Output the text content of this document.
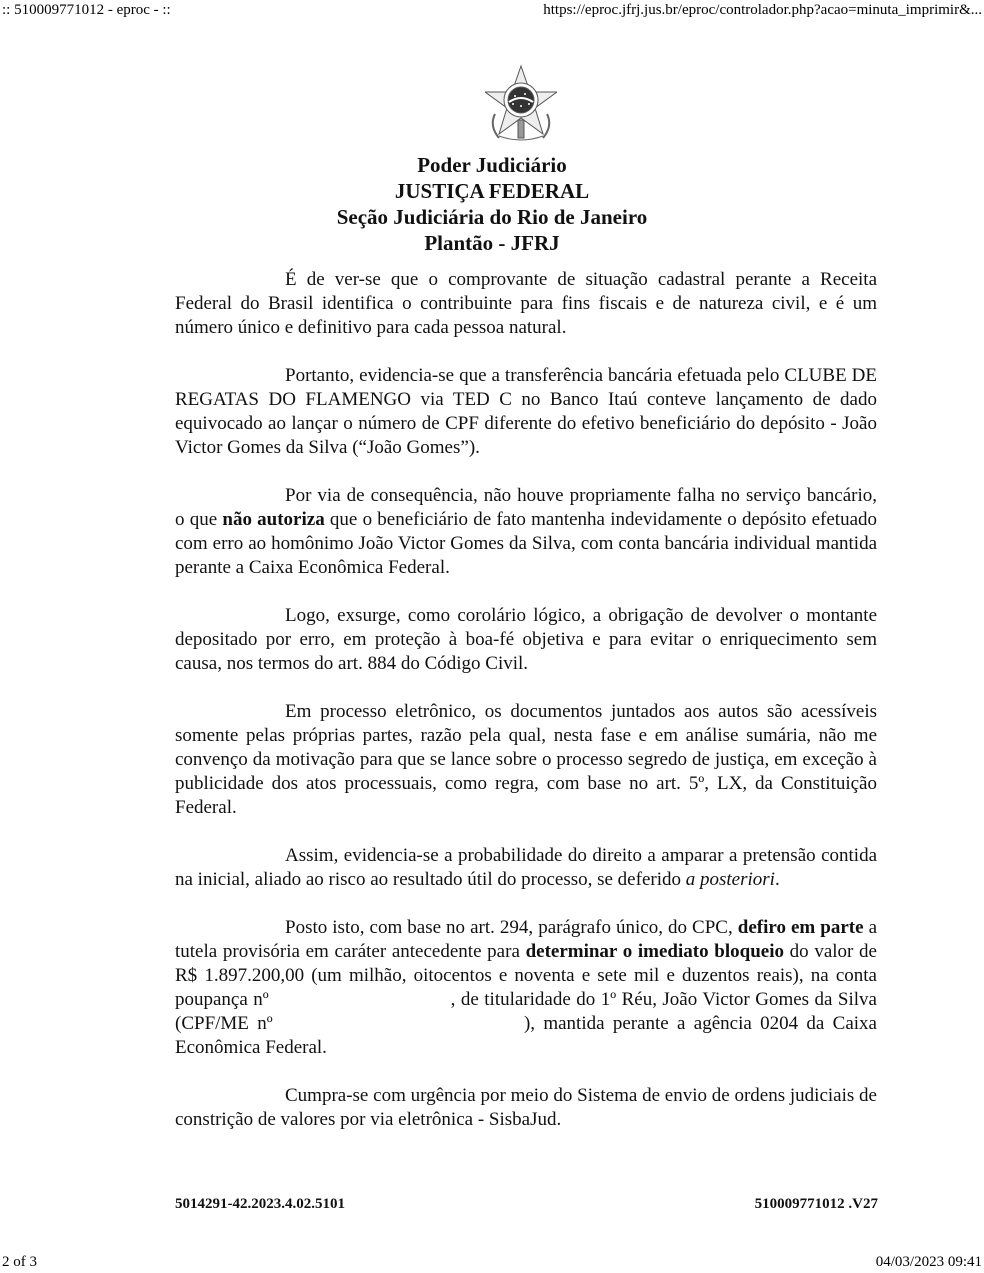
:: 510009771012 - eproc - ::	https://eproc.jfrj.jus.br/eproc/controlador.php?acao=minuta_imprimir&...
Poder Judiciário
JUSTIÇA FEDERAL
Seção Judiciária do Rio de Janeiro
Plantão - JFRJ

É de ver-se que o comprovante de situação cadastral perante a Receita Federal do Brasil identifica o contribuinte para fins fiscais e de natureza civil, e é um número único e definitivo para cada pessoa natural.

Portanto, evidencia-se que a transferência bancária efetuada pelo CLUBE DE REGATAS DO FLAMENGO via TED C no Banco Itaú conteve lançamento de dado equivocado ao lançar o número de CPF diferente do efetivo beneficiário do depósito - João Victor Gomes da Silva (“João Gomes”).

Por via de consequência, não houve propriamente falha no serviço bancário, o que não autoriza que o beneficiário de fato mantenha indevidamente o depósito efetuado com erro ao homônimo João Victor Gomes da Silva, com conta bancária individual mantida perante a Caixa Econômica Federal.

Logo, exsurge, como corolário lógico, a obrigação de devolver o montante depositado por erro, em proteção à boa-fé objetiva e para evitar o enriquecimento sem causa, nos termos do art. 884 do Código Civil.

Em processo eletrônico, os documentos juntados aos autos são acessíveis somente pelas próprias partes, razão pela qual, nesta fase e em análise sumária, não me convenço da motivação para que se lance sobre o processo segredo de justiça, em exceção à publicidade dos atos processuais, como regra, com base no art. 5º, LX, da Constituição Federal.

Assim, evidencia-se a probabilidade do direito a amparar a pretensão contida na inicial, aliado ao risco ao resultado útil do processo, se deferido a posteriori.

Posto isto, com base no art. 294, parágrafo único, do CPC, defiro em parte a tutela provisória em caráter antecedente para determinar o imediato bloqueio do valor de R$ 1.897.200,00 (um milhão, oitocentos e noventa e sete mil e duzentos reais), na conta poupança nº	, de titularidade do 1º Réu, João Victor Gomes da Silva (CPF/ME nº	), mantida perante a agência 0204 da Caixa Econômica Federal.

Cumpra-se com urgência por meio do Sistema de envio de ordens judiciais de constrição de valores por via eletrônica - SisbaJud.

5014291-42.2023.4.02.5101	510009771012 .V27
2 of 3	04/03/2023 09:41
